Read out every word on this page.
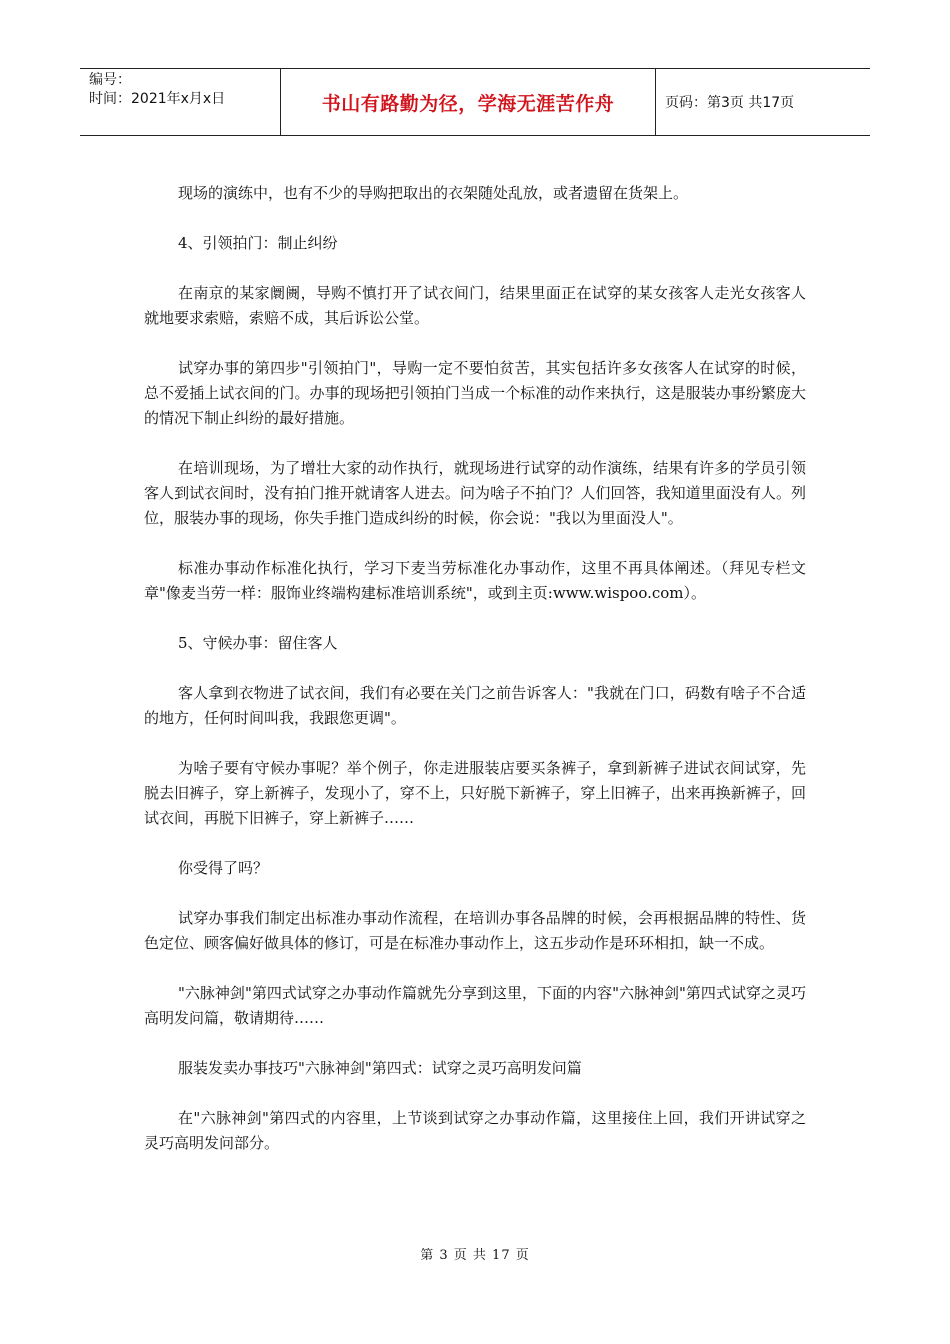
编号：
时间：2021年x月x日	书山有路勤为径，学海无涯苦作舟	页码：第3页 共17页

现场的演练中，也有不少的导购把取出的衣架随处乱放，或者遗留在货架上。

4、引领拍门：制止纠纷

在南京的某家阛阓，导购不慎打开了试衣间门，结果里面正在试穿的某女孩客人走光女孩客人就地要求索赔，索赔不成，其后诉讼公堂。

试穿办事的第四步"引领拍门"，导购一定不要怕贫苦，其实包括许多女孩客人在试穿的时候，总不爱插上试衣间的门。办事的现场把引领拍门当成一个标准的动作来执行，这是服装办事纷繁庞大的情况下制止纠纷的最好措施。

在培训现场，为了增壮大家的动作执行，就现场进行试穿的动作演练，结果有许多的学员引领客人到试衣间时，没有拍门推开就请客人进去。问为啥子不拍门？人们回答，我知道里面没有人。列位，服装办事的现场，你失手推门造成纠纷的时候，你会说："我以为里面没人"。

标准办事动作标准化执行，学习下麦当劳标准化办事动作，这里不再具体阐述。（拜见专栏文章"像麦当劳一样：服饰业终端构建标准培训系统"，或到主页:www.wispoo.com）。

5、守候办事：留住客人

客人拿到衣物进了试衣间，我们有必要在关门之前告诉客人："我就在门口，码数有啥子不合适的地方，任何时间叫我，我跟您更调"。

为啥子要有守候办事呢？举个例子，你走进服装店要买条裤子，拿到新裤子进试衣间试穿，先脱去旧裤子，穿上新裤子，发现小了，穿不上，只好脱下新裤子，穿上旧裤子，出来再换新裤子，回试衣间，再脱下旧裤子，穿上新裤子……

你受得了吗？

试穿办事我们制定出标准办事动作流程，在培训办事各品牌的时候，会再根据品牌的特性、货色定位、顾客偏好做具体的修订，可是在标准办事动作上，这五步动作是环环相扣，缺一不成。

"六脉神剑"第四式试穿之办事动作篇就先分享到这里，下面的内容"六脉神剑"第四式试穿之灵巧高明发问篇，敬请期待……

服装发卖办事技巧"六脉神剑"第四式：试穿之灵巧高明发问篇

在"六脉神剑"第四式的内容里，上节谈到试穿之办事动作篇，这里接住上回，我们开讲试穿之灵巧高明发问部分。

第 3 页 共 17 页
